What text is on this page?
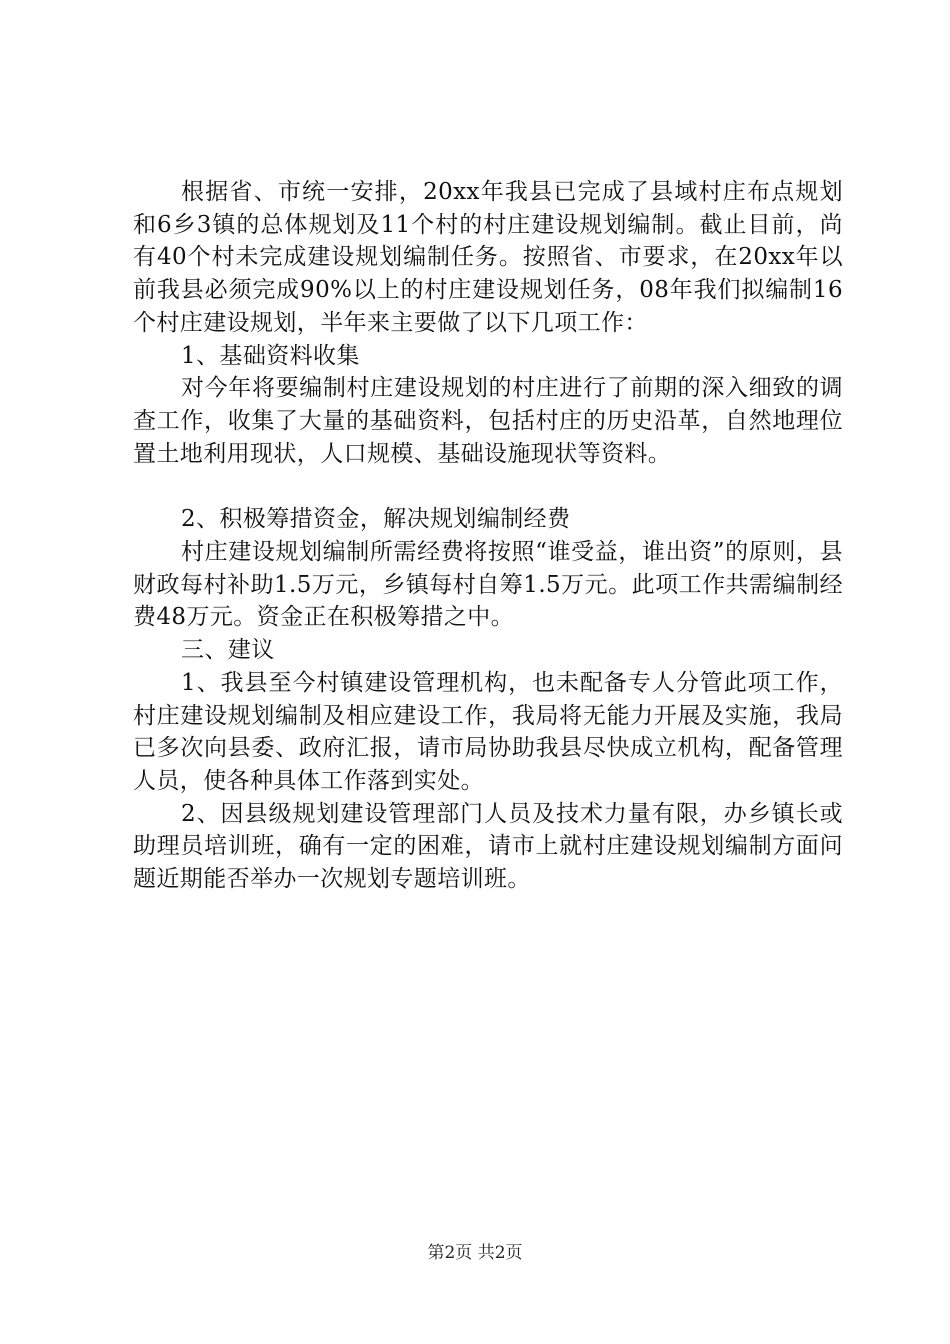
根据省、市统一安排，20xx年我县已完成了县域村庄布点规划和6乡3镇的总体规划及11个村的村庄建设规划编制。截止目前，尚有40个村未完成建设规划编制任务。按照省、市要求，在20xx年以前我县必须完成90%以上的村庄建设规划任务，08年我们拟编制16个村庄建设规划，半年来主要做了以下几项工作：

1、基础资料收集

对今年将要编制村庄建设规划的村庄进行了前期的深入细致的调查工作，收集了大量的基础资料，包括村庄的历史沿革，自然地理位置土地利用现状，人口规模、基础设施现状等资料。

2、积极筹措资金，解决规划编制经费

村庄建设规划编制所需经费将按照“谁受益，谁出资”的原则，县财政每村补助1.5万元，乡镇每村自筹1.5万元。此项工作共需编制经费48万元。资金正在积极筹措之中。

三、建议

1、我县至今村镇建设管理机构，也未配备专人分管此项工作，村庄建设规划编制及相应建设工作，我局将无能力开展及实施，我局已多次向县委、政府汇报，请市局协助我县尽快成立机构，配备管理人员，使各种具体工作落到实处。

2、因县级规划建设管理部门人员及技术力量有限，办乡镇长或助理员培训班，确有一定的困难，请市上就村庄建设规划编制方面问题近期能否举办一次规划专题培训班。

第2页 共2页
